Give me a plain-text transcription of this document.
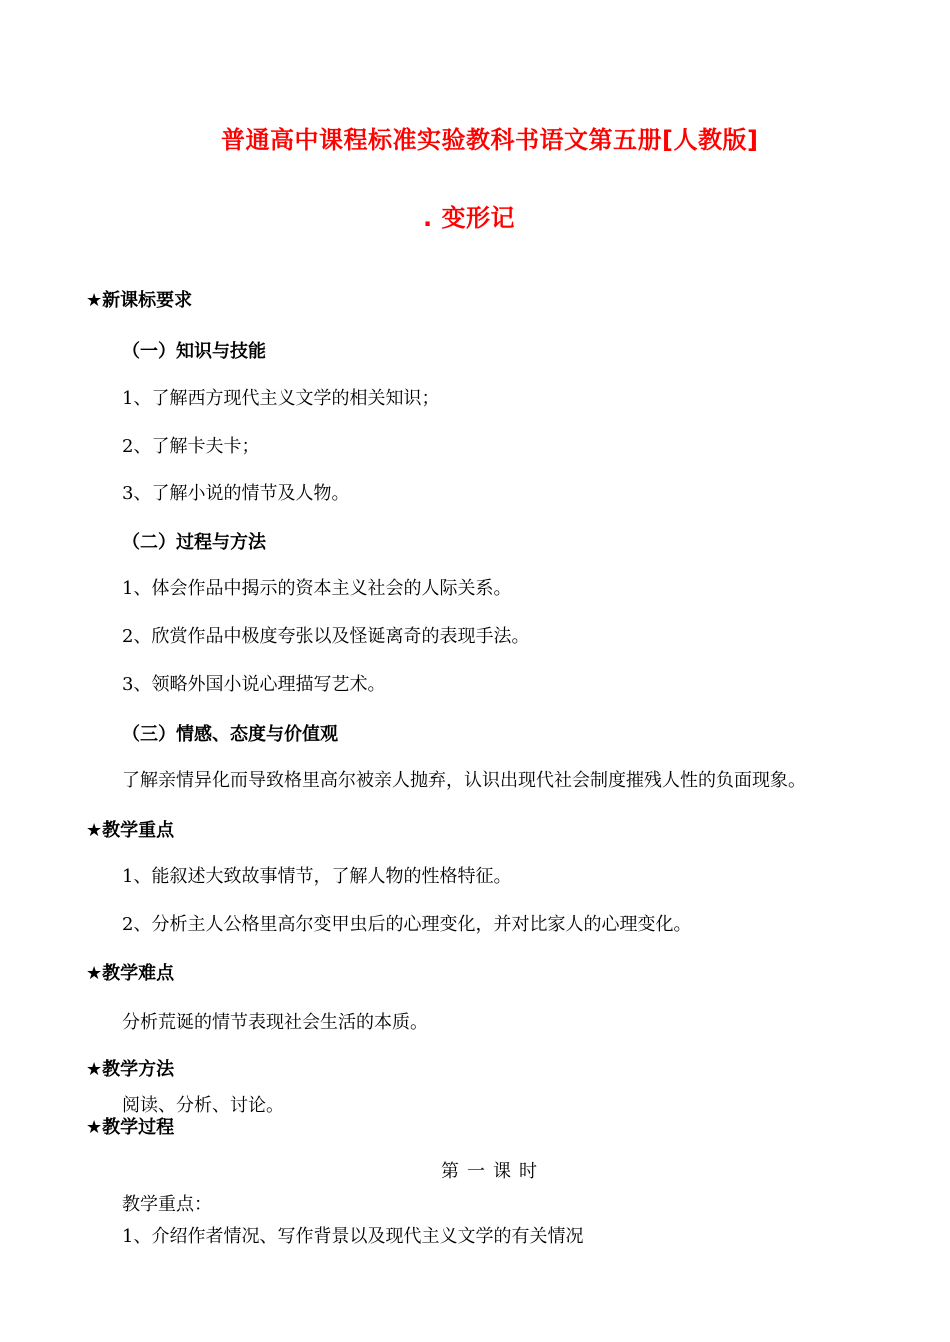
普通高中课程标准实验教科书语文第五册[人教版]
. 变形记
★新课标要求
（一）知识与技能
1、了解西方现代主义文学的相关知识；
2、了解卡夫卡；
3、了解小说的情节及人物。
（二）过程与方法
1、体会作品中揭示的资本主义社会的人际关系。
2、欣赏作品中极度夸张以及怪诞离奇的表现手法。
3、领略外国小说心理描写艺术。
（三）情感、态度与价值观
了解亲情异化而导致格里高尔被亲人抛弃，认识出现代社会制度摧残人性的负面现象。
★教学重点
1、能叙述大致故事情节，了解人物的性格特征。
2、分析主人公格里高尔变甲虫后的心理变化，并对比家人的心理变化。
★教学难点
分析荒诞的情节表现社会生活的本质。
★教学方法
阅读、分析、讨论。
★教学过程
第一课时
教学重点：
1、介绍作者情况、写作背景以及现代主义文学的有关情况
